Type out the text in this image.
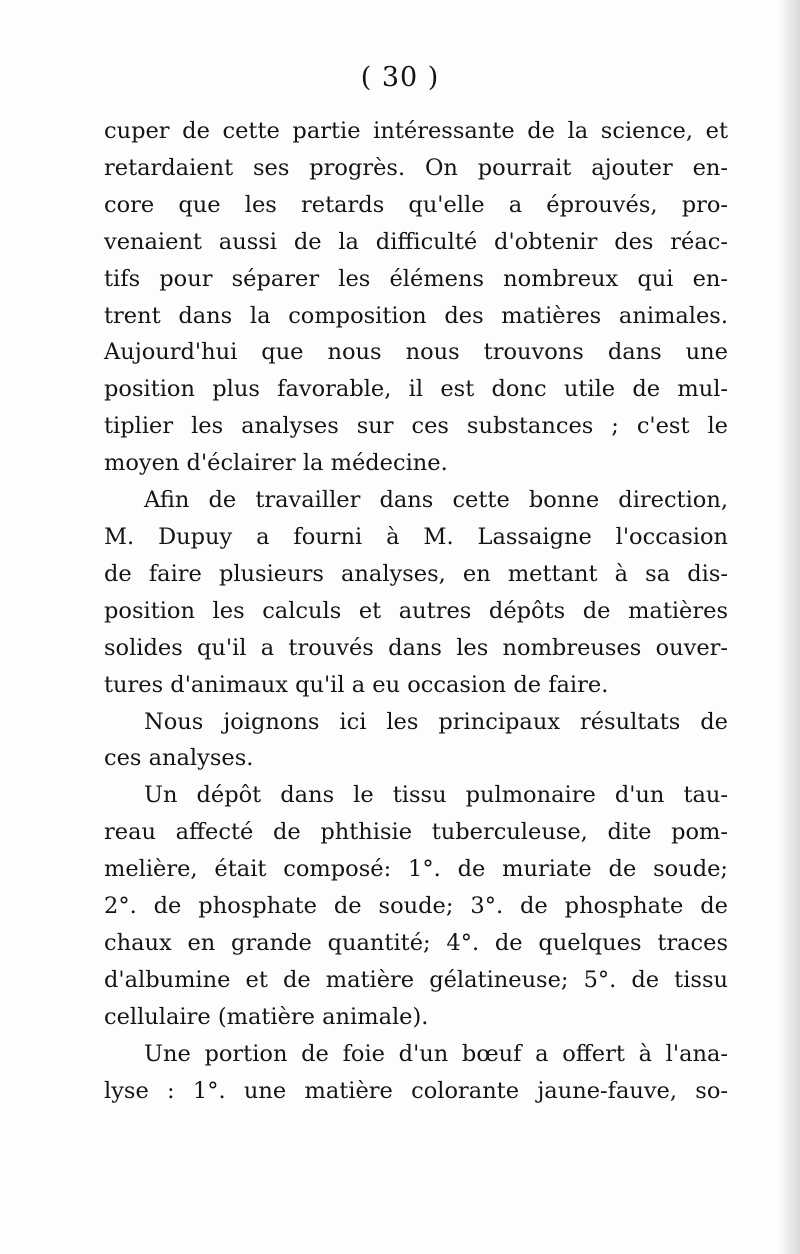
( 30 )

cuper de cette partie intéressante de la science, et
retardaient ses progrès. On pourrait ajouter en-
core que les retards qu'elle a éprouvés, pro-
venaient aussi de la difficulté d'obtenir des réac-
tifs pour séparer les élémens nombreux qui en-
trent dans la composition des matières animales.
Aujourd'hui que nous nous trouvons dans une
position plus favorable, il est donc utile de mul-
tiplier les analyses sur ces substances ; c'est le
moyen d'éclairer la médecine.

Afin de travailler dans cette bonne direction,
M. Dupuy a fourni à M. Lassaigne l'occasion
de faire plusieurs analyses, en mettant à sa dis-
position les calculs et autres dépôts de matières
solides qu'il a trouvés dans les nombreuses ouver-
tures d'animaux qu'il a eu occasion de faire.

Nous joignons ici les principaux résultats de
ces analyses.

Un dépôt dans le tissu pulmonaire d'un tau-
reau affecté de phthisie tuberculeuse, dite pom-
melière, était composé: 1°. de muriate de soude;
2°. de phosphate de soude; 3°. de phosphate de
chaux en grande quantité; 4°. de quelques traces
d'albumine et de matière gélatineuse; 5°. de tissu
cellulaire (matière animale).

Une portion de foie d'un bœuf a offert à l'ana-
lyse : 1°. une matière colorante jaune-fauve, so-
